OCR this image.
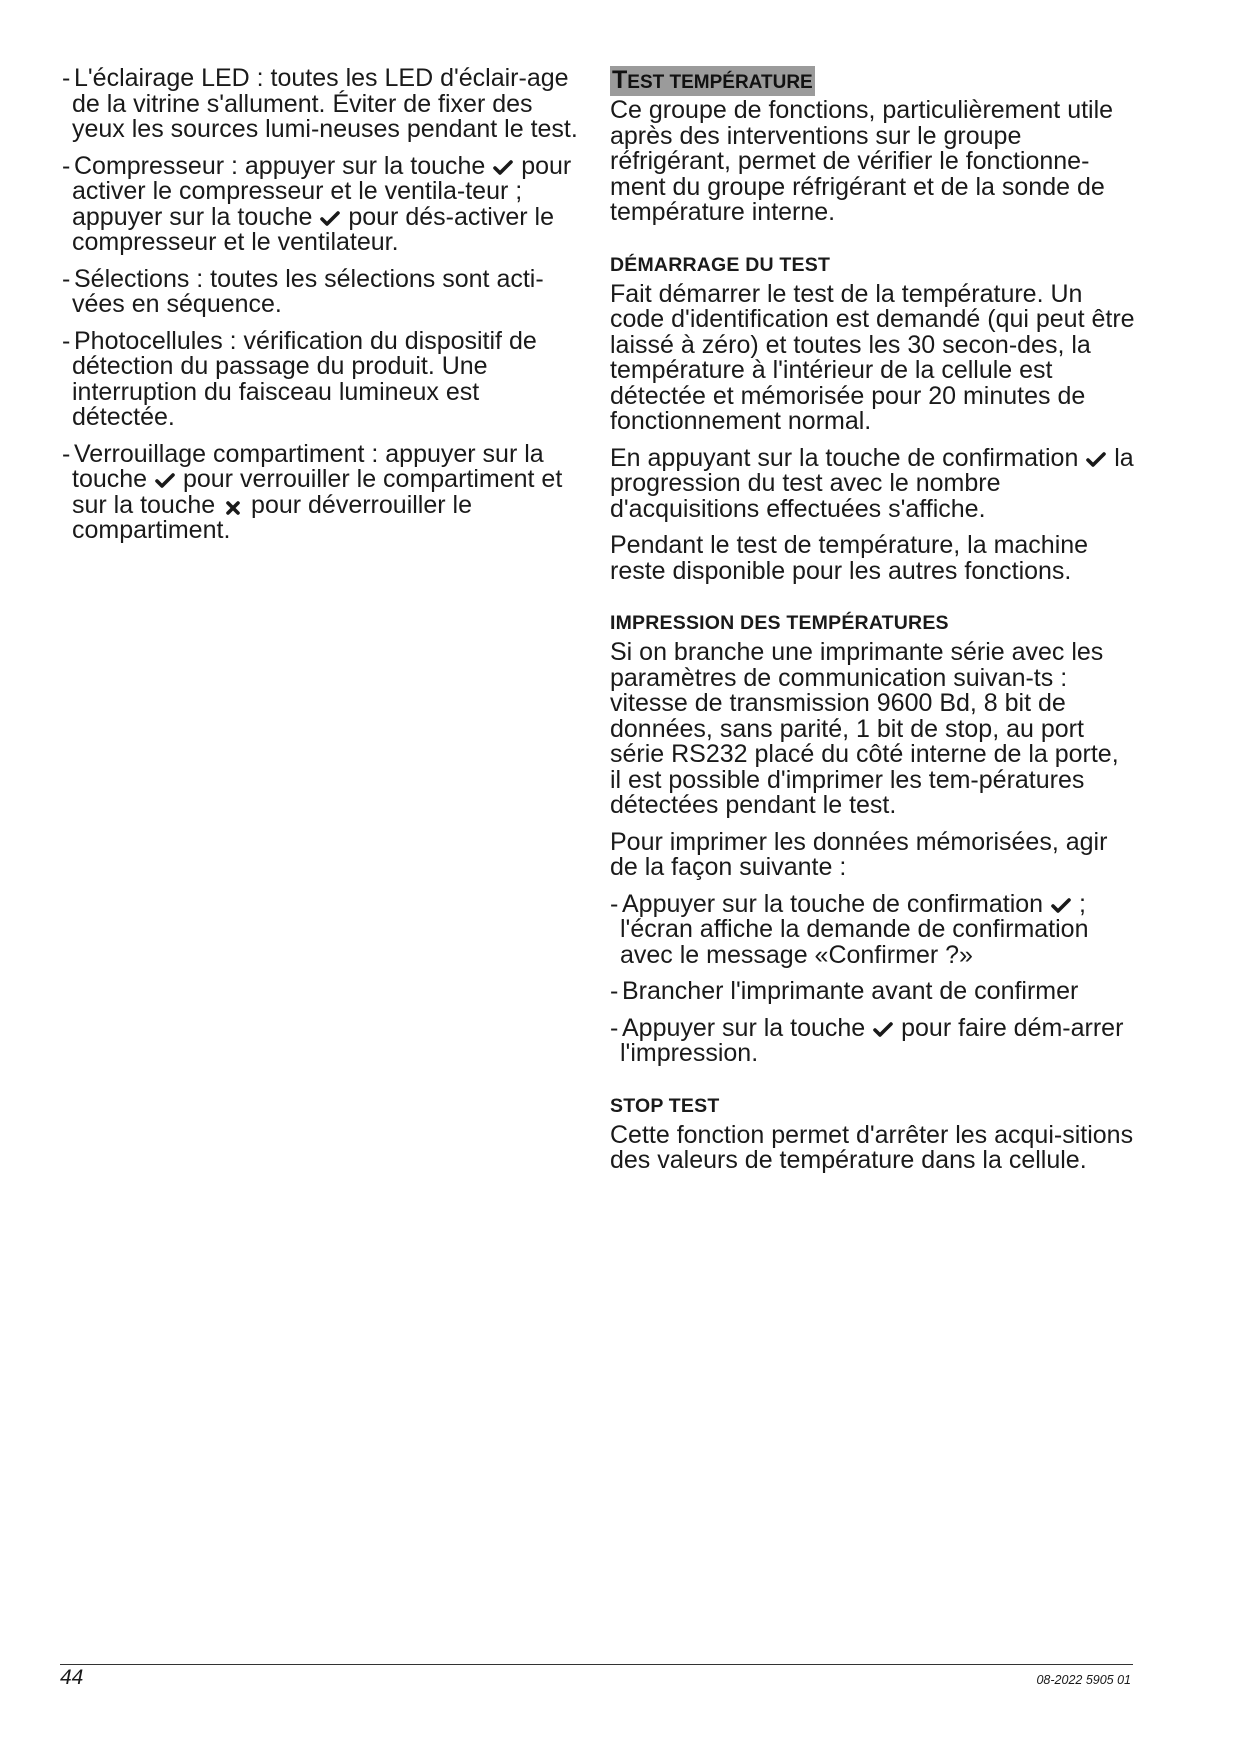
- L'éclairage LED : toutes les LED d'éclair-age de la vitrine s'allument. Éviter de fixer des yeux les sources lumi-neuses pendant le test.
- Compresseur : appuyer sur la touche
pour activer le compresseur et le ventila-teur ; appuyer sur la touche
pour dés-activer le compresseur et le ventilateur.
- Sélections : toutes les sélections sont acti-vées en séquence.
- Photocellules : vérification du dispositif de détection du passage du produit. Une interruption du faisceau lumineux est détectée.
- Verrouillage compartiment : appuyer sur la touche
pour verrouiller le compartiment et sur la touche
pour déverrouiller le compartiment.
TEST TEMPÉRATURE

Ce groupe de fonctions, particulièrement utile après des interventions sur le groupe réfrigérant, permet de vérifier le fonctionne-ment du groupe réfrigérant et de la sonde de température interne.

DÉMARRAGE DU TEST

Fait démarrer le test de la température. Un code d'identification est demandé (qui peut être laissé à zéro) et toutes les 30 secon-des, la température à l'intérieur de la cellule est détectée et mémorisée pour 20 minutes de fonctionnement normal.

En appuyant sur la touche de confirmation
la progression du test avec le nombre d'acquisitions effectuées s'affiche.

Pendant le test de température, la machine reste disponible pour les autres fonctions.

IMPRESSION DES TEMPÉRATURES

Si on branche une imprimante série avec les paramètres de communication suivan-ts : vitesse de transmission 9600 Bd, 8 bit de données, sans parité, 1 bit de stop, au port série RS232 placé du côté interne de la porte, il est possible d'imprimer les tem-pératures détectées pendant le test.

Pour imprimer les données mémorisées, agir de la façon suivante :

- Appuyer sur la touche de confirmation
; l'écran affiche la demande de confirmation avec le message «Confirmer ?»
- Brancher l'imprimante avant de confirmer
- Appuyer sur la touche
pour faire dém-arrer l'impression.
STOP TEST

Cette fonction permet d'arrêter les acqui-sitions des valeurs de température dans la cellule.

44	08-2022 5905 01
